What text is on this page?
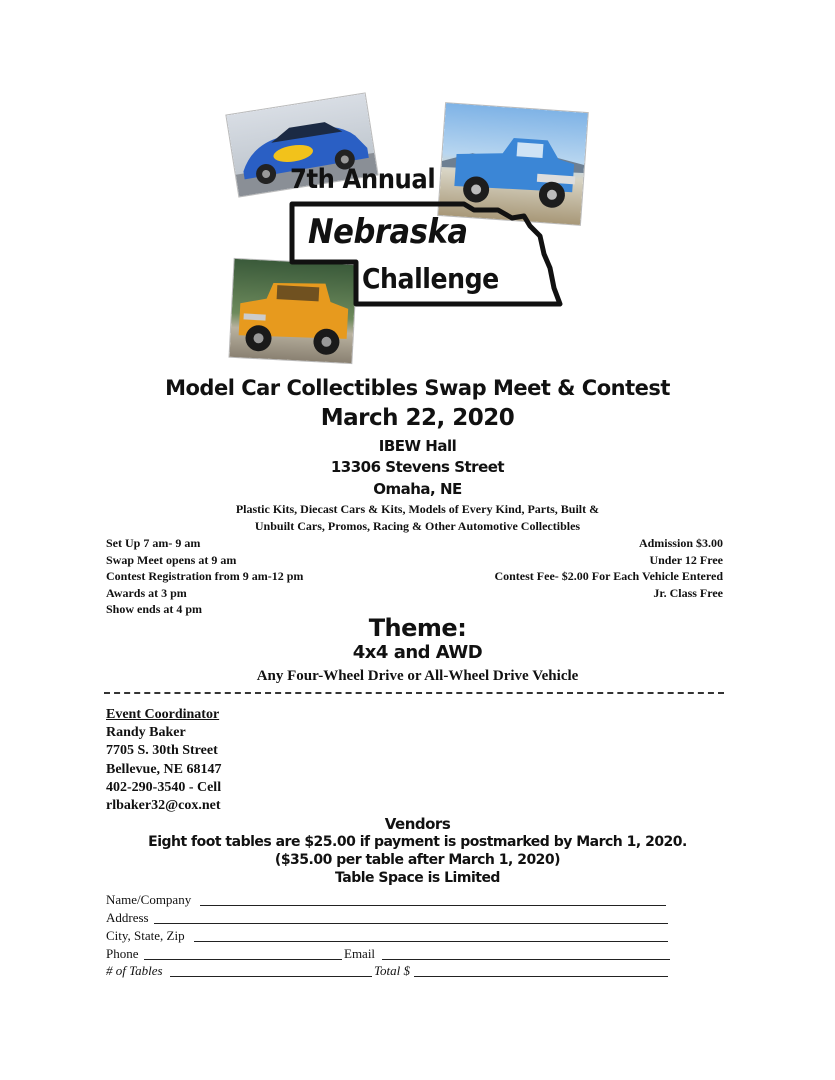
7th Annual
Nebraska
Challenge
Model Car Collectibles Swap Meet & Contest
March 22, 2020
IBEW Hall
13306 Stevens Street
Omaha, NE
Plastic Kits, Diecast Cars & Kits, Models of Every Kind, Parts, Built &
Unbuilt Cars, Promos, Racing & Other Automotive Collectibles
Set Up 7 am- 9 am
Swap Meet opens at 9 am
Contest Registration from 9 am-12 pm
Awards at 3 pm
Show ends at 4 pm
Admission $3.00
Under 12 Free
Contest Fee- $2.00 For Each Vehicle Entered
Jr. Class Free
Theme:
4x4 and AWD
Any Four-Wheel Drive or All-Wheel Drive Vehicle
Event Coordinator
Randy Baker
7705 S. 30th Street
Bellevue, NE 68147
402-290-3540 - Cell
rlbaker32@cox.net
Vendors
Eight foot tables are $25.00 if payment is postmarked by March 1, 2020.
($35.00 per table after March 1, 2020)
Table Space is Limited
Name/Company
Address
City, State, Zip
Phone	Email
# of Tables	Total $
